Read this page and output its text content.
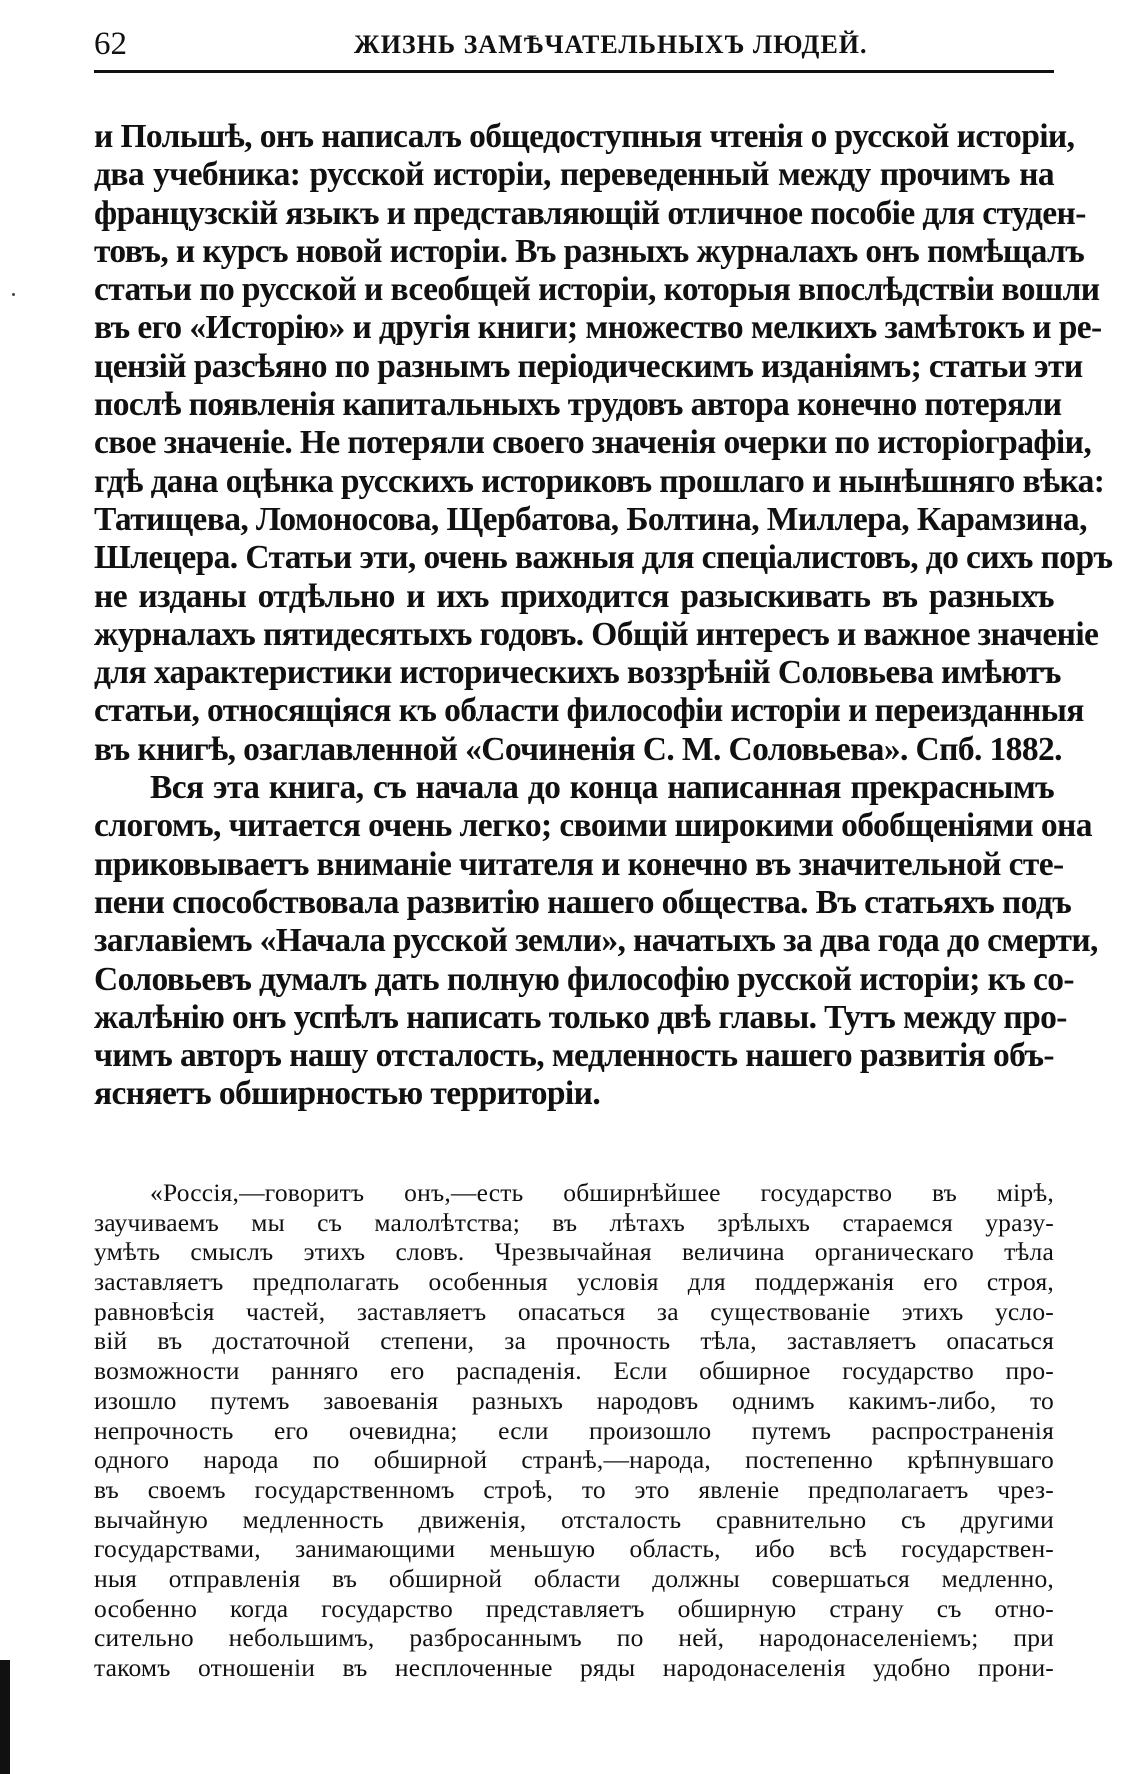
62	ЖИЗНЬ ЗАМѢЧАТЕЛЬНЫХЪ ЛЮДЕЙ.
и Польшѣ, онъ написалъ общедоступныя чтенія о русской исторіи,
два учебника: русской исторіи, переведенный между прочимъ на
французскій языкъ и представляющій отличное пособіе для студен-
товъ, и курсъ новой исторіи. Въ разныхъ журналахъ онъ помѣщалъ
статьи по русской и всеобщей исторіи, которыя впослѣдствіи вошли
въ его «Исторію» и другія книги; множество мелкихъ замѣтокъ и ре-
цензій разсѣяно по разнымъ періодическимъ изданіямъ; статьи эти
послѣ появленія капитальныхъ трудовъ автора конечно потеряли
свое значеніе. Не потеряли своего значенія очерки по исторіографіи,
гдѣ дана оцѣнка русскихъ историковъ прошлаго и нынѣшняго вѣка:
Татищева, Ломоносова, Щербатова, Болтина, Миллера, Карамзина,
Шлецера. Статьи эти, очень важныя для спеціалистовъ, до сихъ поръ
не изданы отдѣльно и ихъ приходится разыскивать въ разныхъ
журналахъ пятидесятыхъ годовъ. Общій интересъ и важное значеніе
для характеристики историческихъ воззрѣній Соловьева имѣютъ
статьи, относящіяся къ области философіи исторіи и переизданныя
въ книгѣ, озаглавленной «Сочиненія С. М. Соловьева». Спб. 1882.
Вся эта книга, съ начала до конца написанная прекраснымъ
слогомъ, читается очень легко; своими широкими обобщеніями она
приковываетъ вниманіе читателя и конечно въ значительной сте-
пени способствовала развитію нашего общества. Въ статьяхъ подъ
заглавіемъ «Начала русской земли», начатыхъ за два года до смерти,
Соловьевъ думалъ дать полную философію русской исторіи; къ со-
жалѣнію онъ успѣлъ написать только двѣ главы. Тутъ между про-
чимъ авторъ нашу отсталость, медленность нашего развитія объ-
ясняетъ обширностью территоріи.
«Россія,—говоритъ онъ,—есть обширнѣйшее государство въ мірѣ,
заучиваемъ мы съ малолѣтства; въ лѣтахъ зрѣлыхъ стараемся уразу-
умѣть смыслъ этихъ словъ. Чрезвычайная величина органическаго тѣла
заставляетъ предполагать особенныя условія для поддержанія его строя,
равновѣсія частей, заставляетъ опасаться за существованіе этихъ усло-
вій въ достаточной степени, за прочность тѣла, заставляетъ опасаться
возможности ранняго его распаденія. Если обширное государство про-
изошло путемъ завоеванія разныхъ народовъ однимъ какимъ-либо, то
непрочность его очевидна; если произошло путемъ распространенія
одного народа по обширной странѣ,—народа, постепенно крѣпнувшаго
въ своемъ государственномъ строѣ, то это явленіе предполагаетъ чрез-
вычайную медленность движенія, отсталость сравнительно съ другими
государствами, занимающими меньшую область, ибо всѣ государствен-
ныя отправленія въ обширной области должны совершаться медленно,
особенно когда государство представляетъ обширную страну съ отно-
сительно небольшимъ, разбросаннымъ по ней, народонаселеніемъ; при
такомъ отношеніи въ несплоченные ряды народонаселенія удобно прони-
